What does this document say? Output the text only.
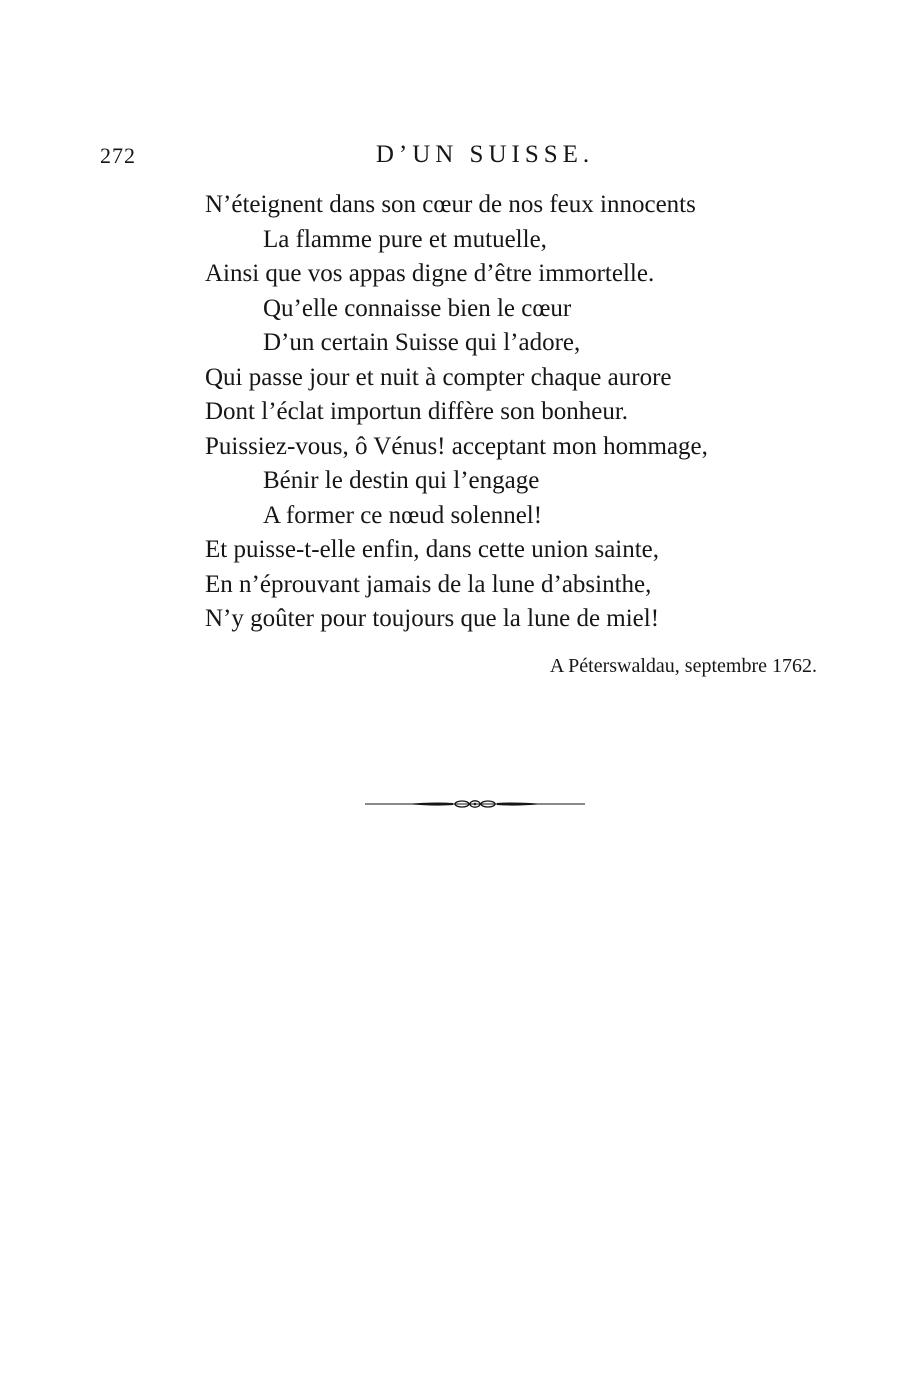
272	D’UN SUISSE.
N’éteignent dans son cœur de nos feux innocents
La flamme pure et mutuelle,
Ainsi que vos appas digne d’être immortelle.
Qu’elle connaisse bien le cœur
D’un certain Suisse qui l’adore,
Qui passe jour et nuit à compter chaque aurore
Dont l’éclat importun diffère son bonheur.
Puissiez-vous, ô Vénus! acceptant mon hommage,
Bénir le destin qui l’engage
A former ce nœud solennel!
Et puisse-t-elle enfin, dans cette union sainte,
En n’éprouvant jamais de la lune d’absinthe,
N’y goûter pour toujours que la lune de miel!
A Péterswaldau, septembre 1762.
